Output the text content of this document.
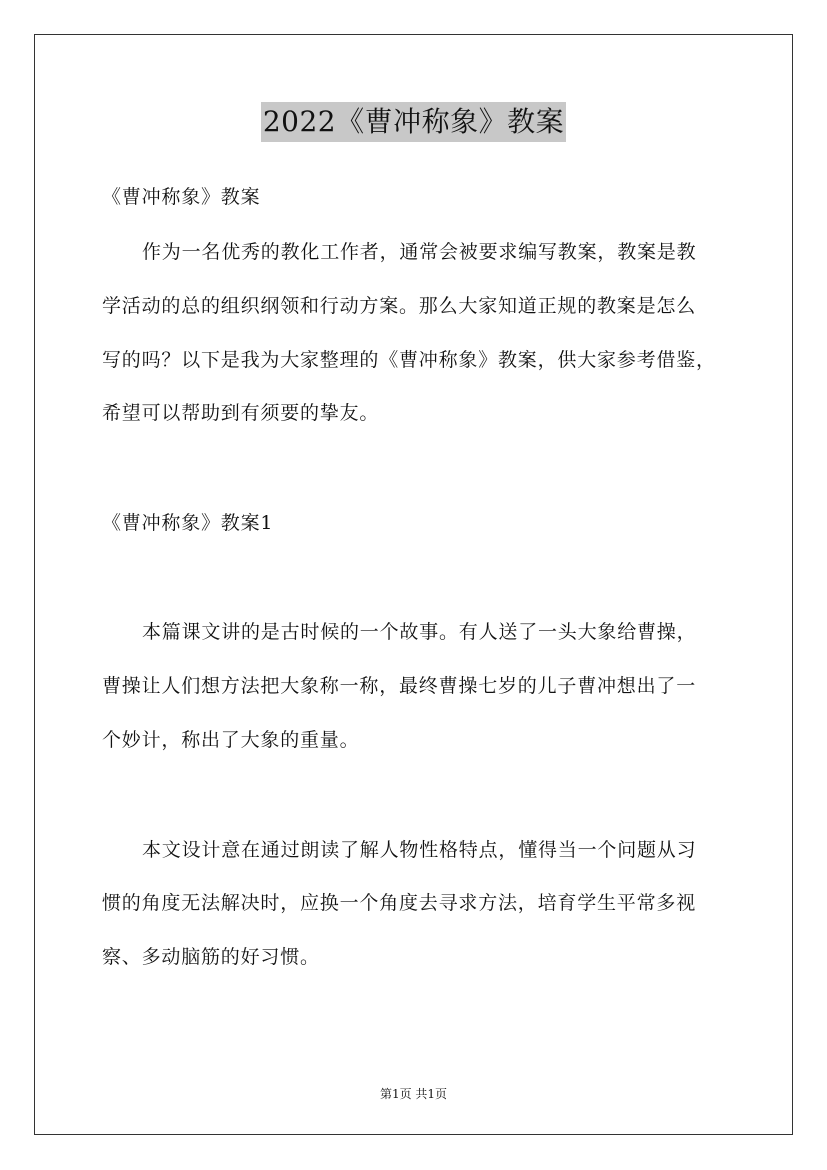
2022《曹冲称象》教案
《曹冲称象》教案
作为一名优秀的教化工作者，通常会被要求编写教案，教案是教
学活动的总的组织纲领和行动方案。那么大家知道正规的教案是怎么
写的吗？以下是我为大家整理的《曹冲称象》教案，供大家参考借鉴，
希望可以帮助到有须要的挚友。
《曹冲称象》教案1
本篇课文讲的是古时候的一个故事。有人送了一头大象给曹操，
曹操让人们想方法把大象称一称，最终曹操七岁的儿子曹冲想出了一
个妙计，称出了大象的重量。
本文设计意在通过朗读了解人物性格特点，懂得当一个问题从习
惯的角度无法解决时，应换一个角度去寻求方法，培育学生平常多视
察、多动脑筋的好习惯。
第1页 共1页
